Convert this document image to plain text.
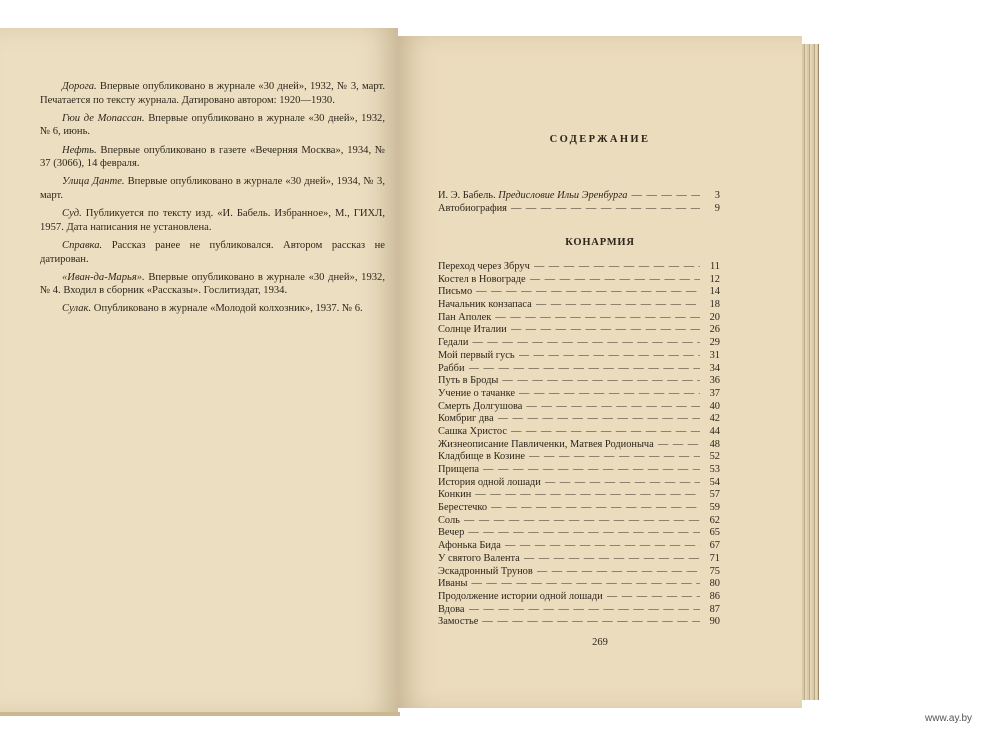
Дорога. Впервые опубликовано в журнале «30 дней», 1932, № 3, март. Печатается по тексту журнала. Датировано автором: 1920—1930.

Гюи де Мопассан. Впервые опубликовано в журнале «30 дней», 1932, № 6, июнь.

Нефть. Впервые опубликовано в газете «Вечерняя Москва», 1934, № 37 (3066), 14 февраля.

Улица Данте. Впервые опубликовано в журнале «30 дней», 1934, № 3, март.

Суд. Публикуется по тексту изд. «И. Бабель. Избранное», М., ГИХЛ, 1957. Дата написания не установлена.

Справка. Рассказ ранее не публиковался. Автором рассказ не датирован.

«Иван-да-Марья». Впервые опубликовано в журнале «30 дней», 1932, № 4. Входил в сборник «Рассказы». Гослитиздат, 1934.

Сулак. Опубликовано в журнале «Молодой колхозник», 1937. № 6.

СОДЕРЖАНИЕ
И. Э. Бабель. Предисловие Ильи Эренбурга — — —	3
Автобиография — — —	9
КОНАРМИЯ
Переход через Збруч — — —	11
Костел в Новограде — — —	12
Письмо — — —	14
Начальник конзапаса — — —	18
Пан Аполек — — —	20
Солнце Италии — — —	26
Гедали — — —	29
Мой первый гусь — — —	31
Рабби — — —	34
Путь в Броды — — —	36
Учение о тачанке — — —	37
Смерть Долгушова — — —	40
Комбриг два — — —	42
Сашка Христос — — —	44
Жизнеописание Павличенки, Матвея Родионыча — — —	48
Кладбище в Козине — — —	52
Прищепа — — —	53
История одной лошади — — —	54
Конкин — — —	57
Берестечко — — —	59
Соль — — —	62
Вечер — — —	65
Афонька Бида — — —	67
У святого Валента — — —	71
Эскадронный Трунов — — —	75
Иваны — — —	80
Продолжение истории одной лошади — — —	86
Вдова — — —	87
Замостье — — —	90
269
www.ay.by
